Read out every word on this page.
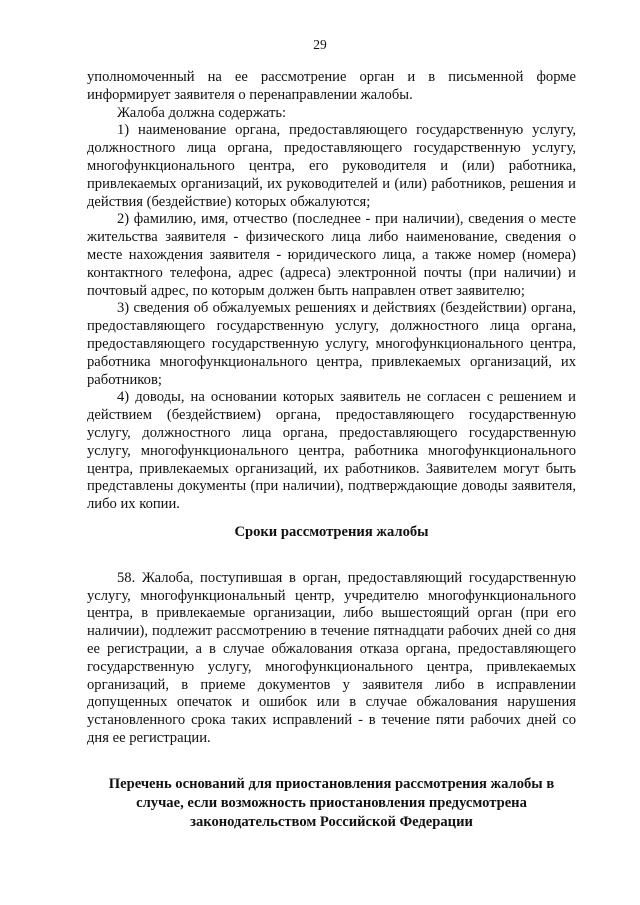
29

уполномоченный на ее рассмотрение орган и в письменной форме информирует заявителя о перенаправлении жалобы.

Жалоба должна содержать:

1) наименование органа, предоставляющего государственную услугу, должностного лица органа, предоставляющего государственную услугу, многофункционального центра, его руководителя и (или) работника, привлекаемых организаций, их руководителей и (или) работников, решения и действия (бездействие) которых обжалуются;

2) фамилию, имя, отчество (последнее - при наличии), сведения о месте жительства заявителя - физического лица либо наименование, сведения о месте нахождения заявителя - юридического лица, а также номер (номера) контактного телефона, адрес (адреса) электронной почты (при наличии) и почтовый адрес, по которым должен быть направлен ответ заявителю;

3) сведения об обжалуемых решениях и действиях (бездействии) органа, предоставляющего государственную услугу, должностного лица органа, предоставляющего государственную услугу, многофункционального центра, работника многофункционального центра, привлекаемых организаций, их работников;

4) доводы, на основании которых заявитель не согласен с решением и действием (бездействием) органа, предоставляющего государственную услугу, должностного лица органа, предоставляющего государственную услугу, многофункционального центра, работника многофункционального центра, привлекаемых организаций, их работников. Заявителем могут быть представлены документы (при наличии), подтверждающие доводы заявителя, либо их копии.

Сроки рассмотрения жалобы

58. Жалоба, поступившая в орган, предоставляющий государственную услугу, многофункциональный центр, учредителю многофункционального центра, в привлекаемые организации, либо вышестоящий орган (при его наличии), подлежит рассмотрению в течение пятнадцати рабочих дней со дня ее регистрации, а в случае обжалования отказа органа, предоставляющего государственную услугу, многофункционального центра, привлекаемых организаций, в приеме документов у заявителя либо в исправлении допущенных опечаток и ошибок или в случае обжалования нарушения установленного срока таких исправлений - в течение пяти рабочих дней со дня ее регистрации.

Перечень оснований для приостановления рассмотрения жалобы в
случае, если возможность приостановления предусмотрена
законодательством Российской Федерации
